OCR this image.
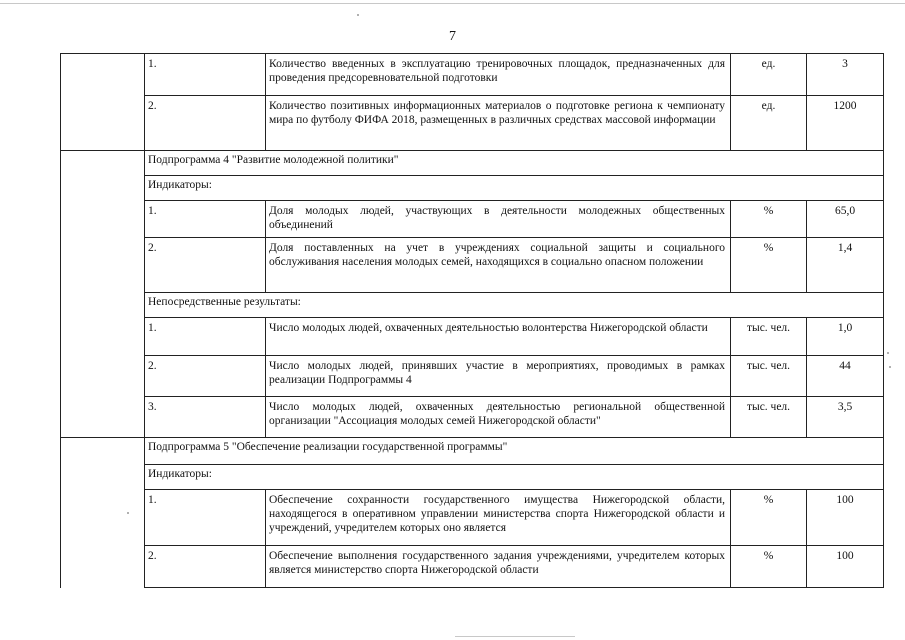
7
	1.	Количество введенных в эксплуатацию тренировочных площадок, предназначенных для проведения предсоревновательной подготовки	ед.	3
	2.	Количество позитивных информационных материалов о подготовке региона к чемпионату мира по футболу ФИФА 2018, размещенных в различных средствах массовой информации	ед.	1200
	Подпрограмма 4 "Развитие молодежной политики"			
	Индикаторы:			
	1.	Доля молодых людей, участвующих в деятельности молодежных общественных объединений	%	65,0
	2.	Доля поставленных на учет в учреждениях социальной защиты и социального обслуживания населения молодых семей, находящихся в социально опасном положении	%	1,4
	Непосредственные результаты:			
	1.	Число молодых людей, охваченных деятельностью волонтерства Нижегородской области	тыс. чел.	1,0
	2.	Число молодых людей, принявших участие в мероприятиях, проводимых в рамках реализации Подпрограммы 4	тыс. чел.	44
	3.	Число молодых людей, охваченных деятельностью региональной общественной организации "Ассоциация молодых семей Нижегородской области"	тыс. чел.	3,5
	Подпрограмма 5 "Обеспечение реализации государственной программы"			
	Индикаторы:			
	1.	Обеспечение сохранности государственного имущества Нижегородской области, находящегося в оперативном управлении министерства спорта Нижегородской области и учреждений, учредителем которых оно является	%	100
	2.	Обеспечение выполнения государственного задания учреждениями, учредителем которых является министерство спорта Нижегородской области	%	100
